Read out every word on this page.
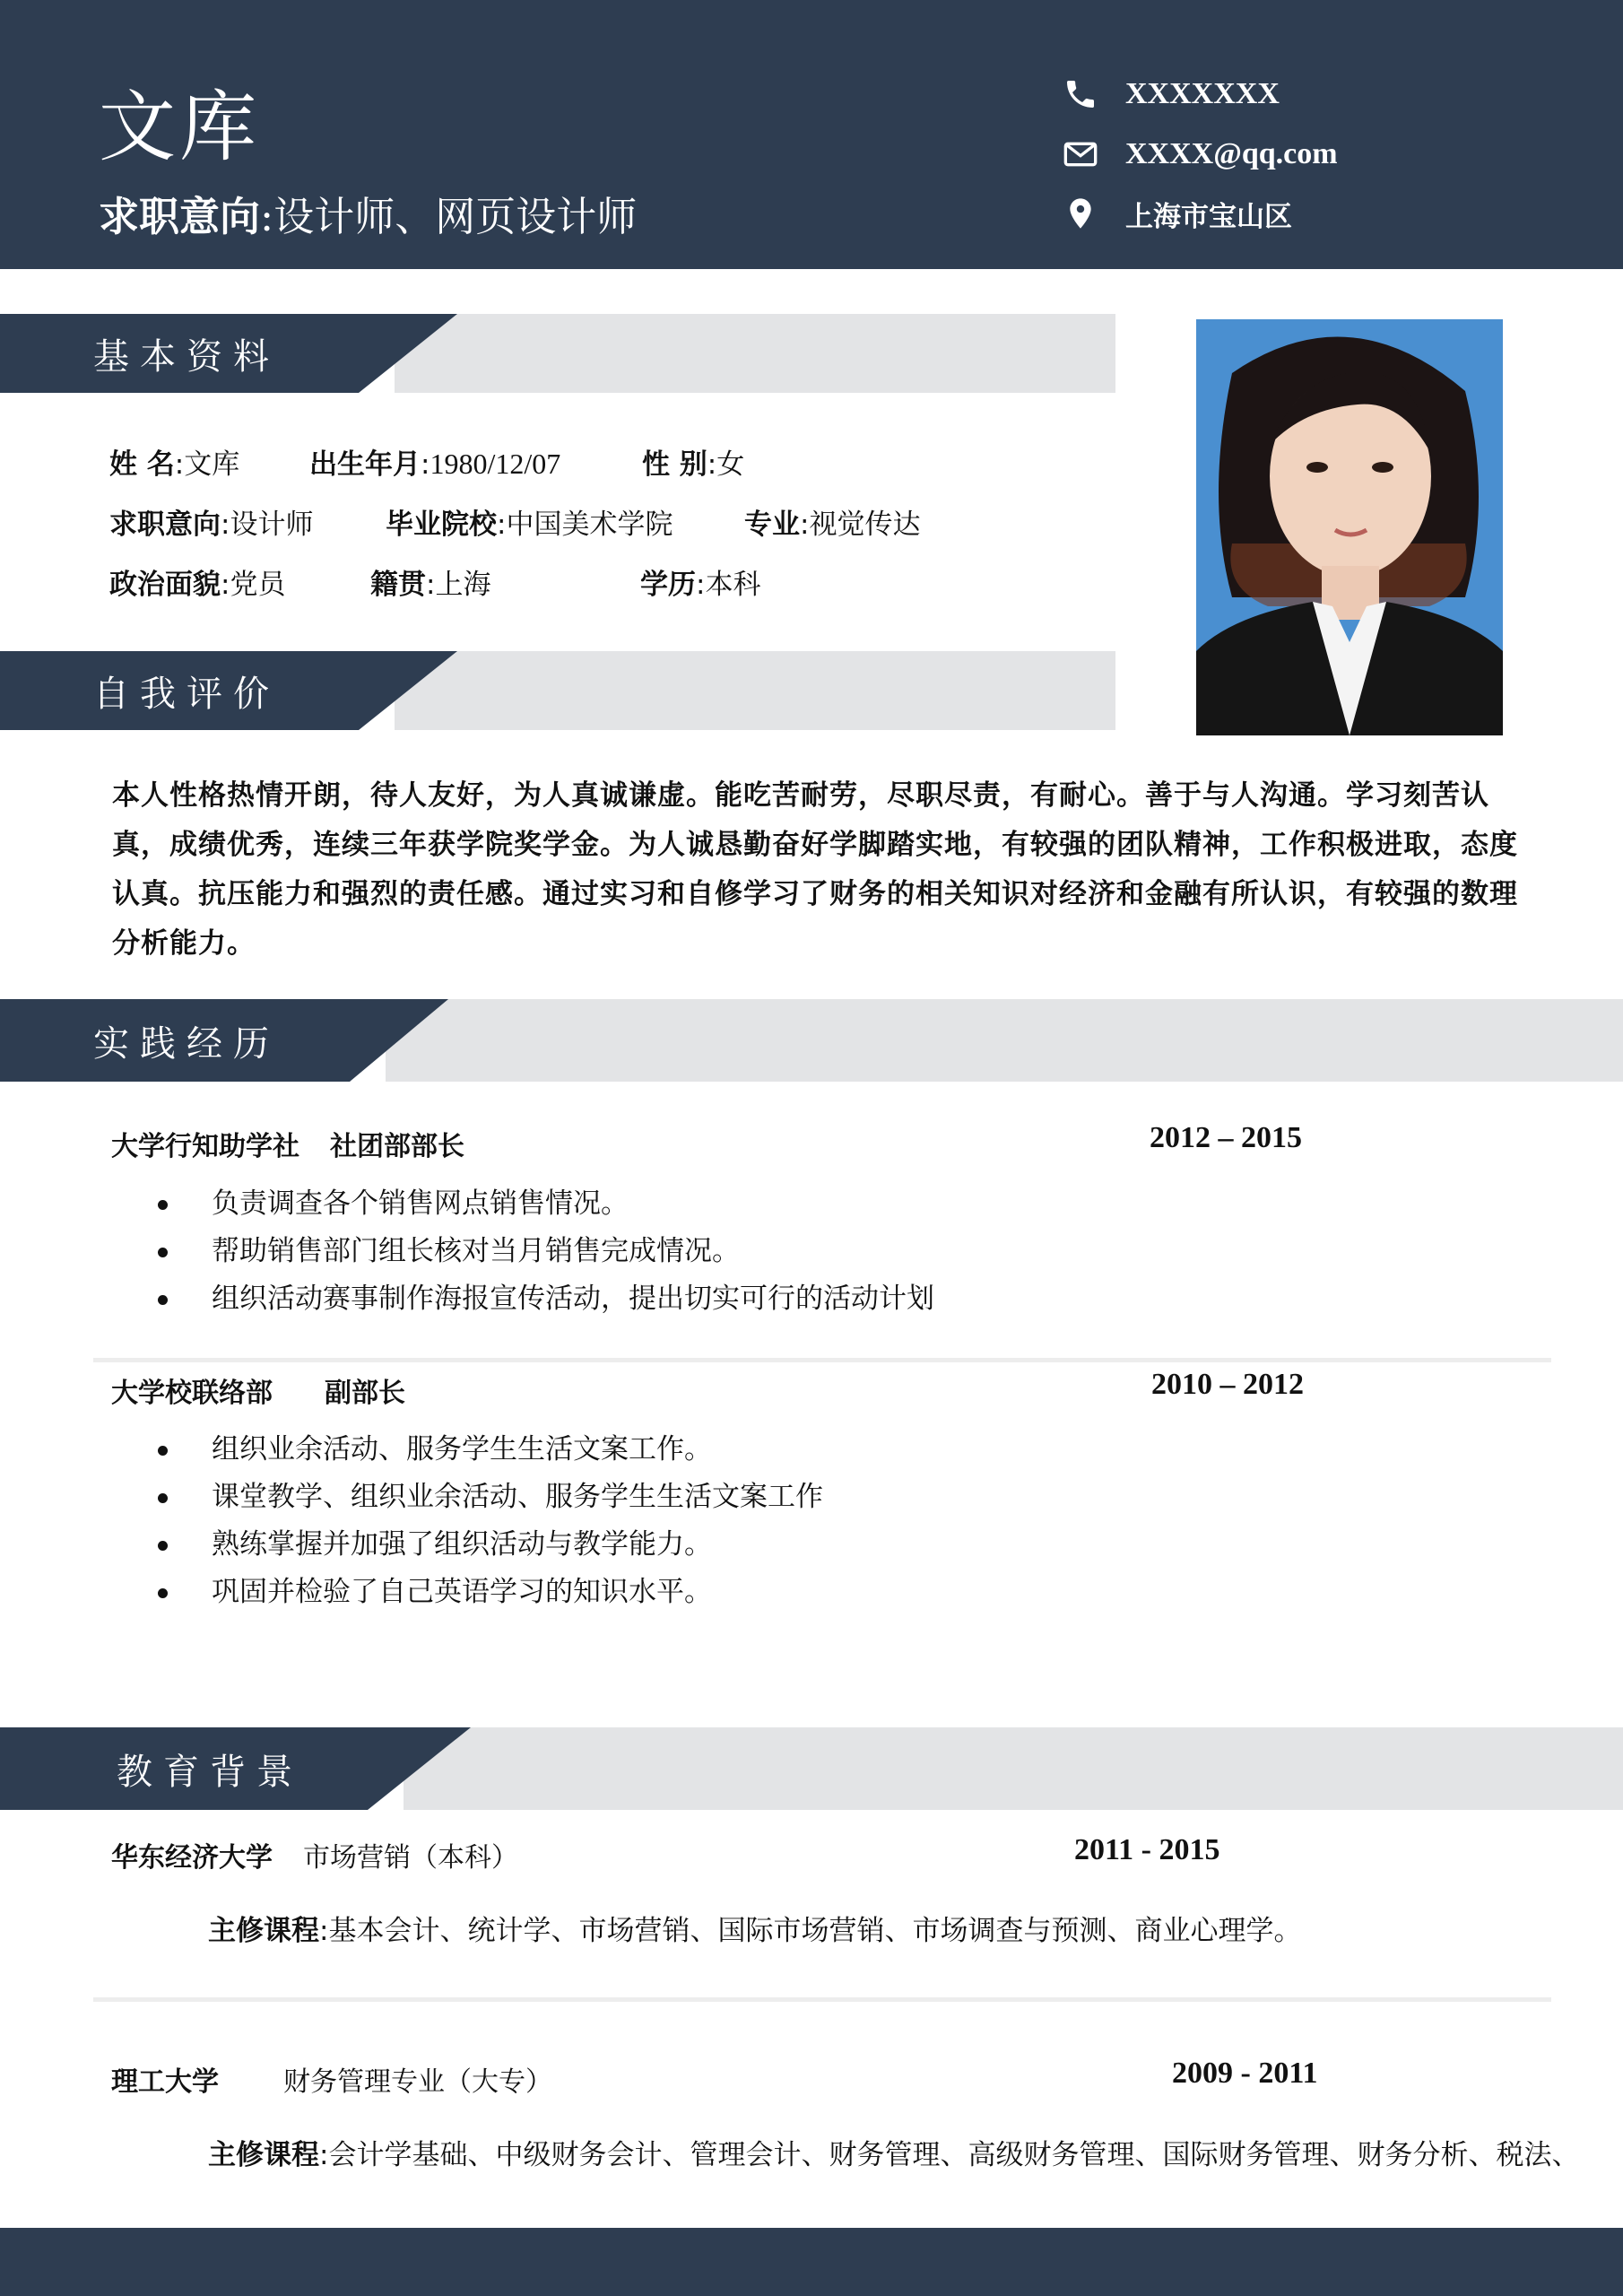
文库
求职意向:设计师、网页设计师
XXXXXXX
XXXX@qq.com
上海市宝山区
基本资料
姓 名:文库	出生年月:1980/12/07	性 别:女
求职意向:设计师	毕业院校:中国美术学院	专业:视觉传达
政治面貌:党员	籍贯:上海	学历:本科
自我评价
本人性格热情开朗，待人友好，为人真诚谦虚。能吃苦耐劳，尽职尽责，有耐心。善于与人沟通。学习刻苦认真，成绩优秀，连续三年获学院奖学金。为人诚恳勤奋好学脚踏实地，有较强的团队精神，工作积极进取，态度认真。抗压能力和强烈的责任感。通过实习和自修学习了财务的相关知识对经济和金融有所认识，有较强的数理分析能力。
实践经历
大学行知助学社 社团部部长	2012 – 2015
负责调查各个销售网点销售情况。
帮助销售部门组长核对当月销售完成情况。
组织活动赛事制作海报宣传活动，提出切实可行的活动计划
大学校联络部 副部长	2010 – 2012
组织业余活动、服务学生生活文案工作。
课堂教学、组织业余活动、服务学生生活文案工作
熟练掌握并加强了组织活动与教学能力。
巩固并检验了自己英语学习的知识水平。
教育背景
华东经济大学 市场营销（本科）	2011 - 2015
主修课程:基本会计、统计学、市场营销、国际市场营销、市场调查与预测、商业心理学。
理工大学 财务管理专业（大专）	2009 - 2011
主修课程:会计学基础、中级财务会计、管理会计、财务管理、高级财务管理、国际财务管理、财务分析、税法、
